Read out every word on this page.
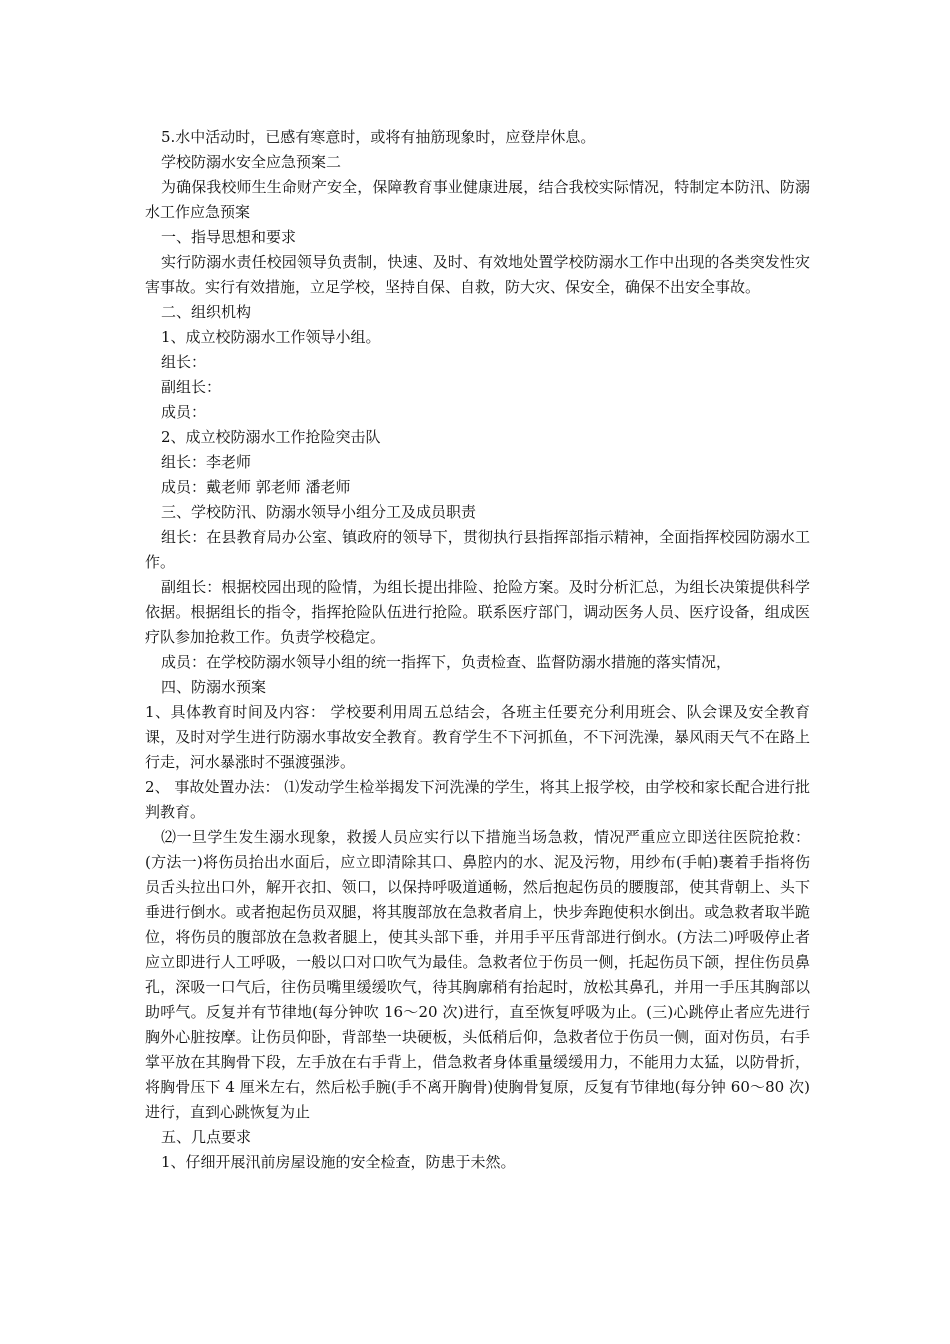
5.水中活动时，已感有寒意时，或将有抽筋现象时，应登岸休息。

学校防溺水安全应急预案二

为确保我校师生生命财产安全，保障教育事业健康进展，结合我校实际情况，特制定本防汛、防溺水工作应急预案

一、指导思想和要求

实行防溺水责任校园领导负责制，快速、及时、有效地处置学校防溺水工作中出现的各类突发性灾害事故。实行有效措施，立足学校，坚持自保、自救，防大灾、保安全，确保不出安全事故。

二、组织机构

1、成立校防溺水工作领导小组。

组长：

副组长：

成员：

2、成立校防溺水工作抢险突击队

组长：李老师

成员：戴老师 郭老师 潘老师

三、学校防汛、防溺水领导小组分工及成员职责

组长：在县教育局办公室、镇政府的领导下，贯彻执行县指挥部指示精神，全面指挥校园防溺水工作。

副组长：根据校园出现的险情，为组长提出排险、抢险方案。及时分析汇总，为组长决策提供科学依据。根据组长的指令，指挥抢险队伍进行抢险。联系医疗部门，调动医务人员、医疗设备，组成医疗队参加抢救工作。负责学校稳定。

成员：在学校防溺水领导小组的统一指挥下，负责检查、监督防溺水措施的落实情况，

四、防溺水预案

1、具体教育时间及内容： 学校要利用周五总结会，各班主任要充分利用班会、队会课及安全教育课，及时对学生进行防溺水事故安全教育。教育学生不下河抓鱼，不下河洗澡，暴风雨天气不在路上行走，河水暴涨时不强渡强涉。

2、 事故处置办法： ⑴发动学生检举揭发下河洗澡的学生，将其上报学校，由学校和家长配合进行批判教育。

⑵一旦学生发生溺水现象，救援人员应实行以下措施当场急救，情况严重应立即送往医院抢救：(方法一)将伤员抬出水面后，应立即清除其口、鼻腔内的水、泥及污物，用纱布(手帕)裹着手指将伤员舌头拉出口外，解开衣扣、领口，以保持呼吸道通畅，然后抱起伤员的腰腹部，使其背朝上、头下垂进行倒水。或者抱起伤员双腿，将其腹部放在急救者肩上，快步奔跑使积水倒出。或急救者取半跪位，将伤员的腹部放在急救者腿上，使其头部下垂，并用手平压背部进行倒水。(方法二)呼吸停止者应立即进行人工呼吸，一般以口对口吹气为最佳。急救者位于伤员一侧，托起伤员下颌，捏住伤员鼻孔，深吸一口气后，往伤员嘴里缓缓吹气，待其胸廓稍有抬起时，放松其鼻孔，并用一手压其胸部以助呼气。反复并有节律地(每分钟吹 16～20 次)进行，直至恢复呼吸为止。(三)心跳停止者应先进行胸外心脏按摩。让伤员仰卧，背部垫一块硬板，头低稍后仰，急救者位于伤员一侧，面对伤员，右手掌平放在其胸骨下段，左手放在右手背上，借急救者身体重量缓缓用力，不能用力太猛，以防骨折，将胸骨压下 4 厘米左右，然后松手腕(手不离开胸骨)使胸骨复原，反复有节律地(每分钟 60～80 次)进行，直到心跳恢复为止

五、几点要求

1、仔细开展汛前房屋设施的安全检查，防患于未然。
